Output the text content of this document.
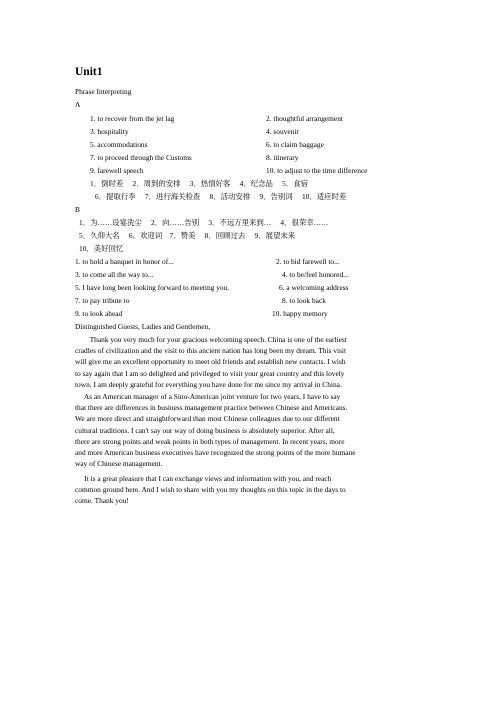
Unit1
Phrase Interpreting
A
1. to recover from the jet lag	2. thoughtful arrangement
3. hospitality	4. souvenir
5. accommodations	6. to claim baggage
7. to proceed through the Customs	8. itinerary
9. farewell speech	10. to adjust to the time difference
1．倒时差　 2．周到的安排　 3．热情好客　 4．纪念品　 5．食宿
6．提取行李　 7．进行海关检查　 8．活动安排　 9．告别词　 10．适应时差
B
1．为……设宴洗尘　 2．向……告别　 3．不远万里来到…　 4．很荣幸……
5．久仰大名　 6．欢迎词　7．赞美　 8．回顾过去　 9．展望未来
10．美好回忆
1. to hold a banquet in honor of...	2. to bid farewell to...
3. to come all the way to...	4. to be/feel honored...
5. I have long been looking forward to meeting you.	6. a welcoming address
7. to pay tribute to	8. to look back
9. to look ahead	10. happy memory
Distinguished Guests, Ladies and Gentlemen,
Thank you very much for your gracious welcoming speech. China is one of the earliest
cradles of civilization and the visit to this ancient nation has long been my dream. This visit
will give me an excellent opportunity to meet old friends and establish new contacts. I wish
to say again that I am so delighted and privileged to visit your great country and this lovely
town. I am deeply grateful for everything you have done for me since my arrival in China.
As an American manager of a Sino-American joint venture for two years, I have to say
that there are differences in business management practice between Chinese and Americans.
We are more direct and straightforward than most Chinese colleagues due to our different
cultural traditions. I can't say our way of doing business is absolutely superior. After all,
there are strong points and weak points in both types of management. In recent years, more
and more American business executives have recognized the strong points of the more humane
way of Chinese management.
It is a great pleasure that I can exchange views and information with you, and reach
common ground here. And I wish to share with you my thoughts on this topic in the days to
come. Thank you!
